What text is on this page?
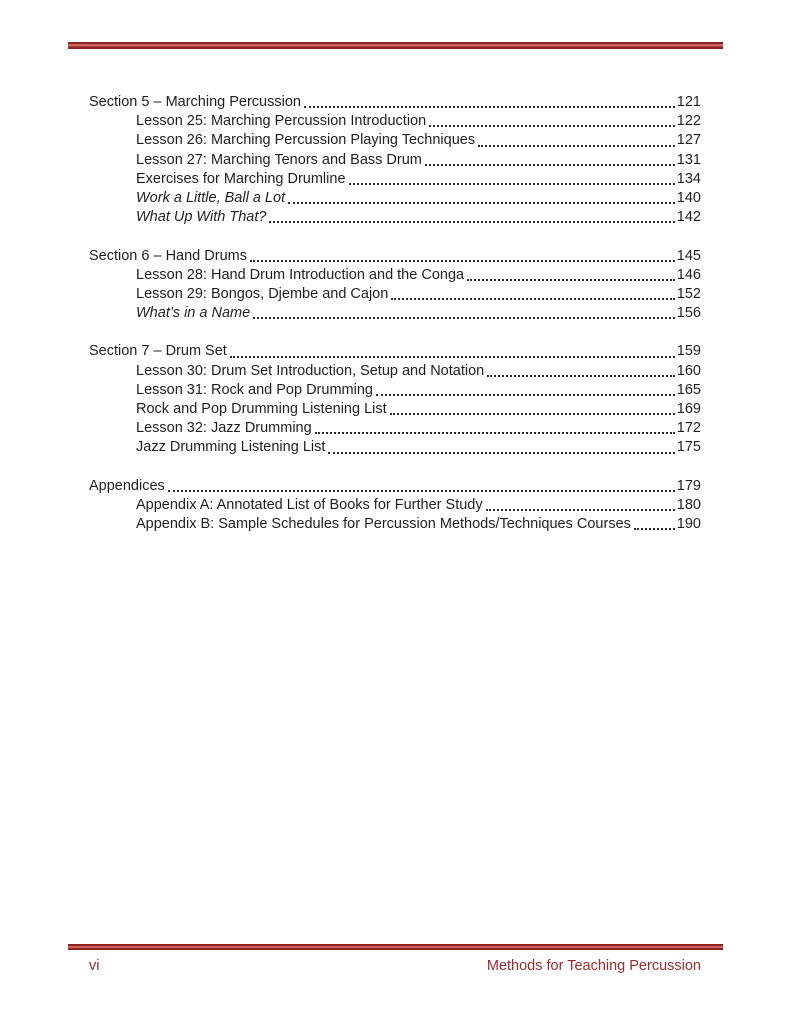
Section 5 – Marching Percussion	121
Lesson 25: Marching Percussion Introduction	122
Lesson 26: Marching Percussion Playing Techniques	127
Lesson 27: Marching Tenors and Bass Drum	131
Exercises for Marching Drumline	134
Work a Little, Ball a Lot	140
What Up With That?	142
Section 6 – Hand Drums	145
Lesson 28: Hand Drum Introduction and the Conga	146
Lesson 29: Bongos, Djembe and Cajon	152
What’s in a Name	156
Section 7 – Drum Set	159
Lesson 30: Drum Set Introduction, Setup and Notation	160
Lesson 31: Rock and Pop Drumming	165
Rock and Pop Drumming Listening List	169
Lesson 32: Jazz Drumming	172
Jazz Drumming Listening List	175
Appendices	179
Appendix A: Annotated List of Books for Further Study	180
Appendix B: Sample Schedules for Percussion Methods/Techniques Courses	190
vi	Methods for Teaching Percussion
